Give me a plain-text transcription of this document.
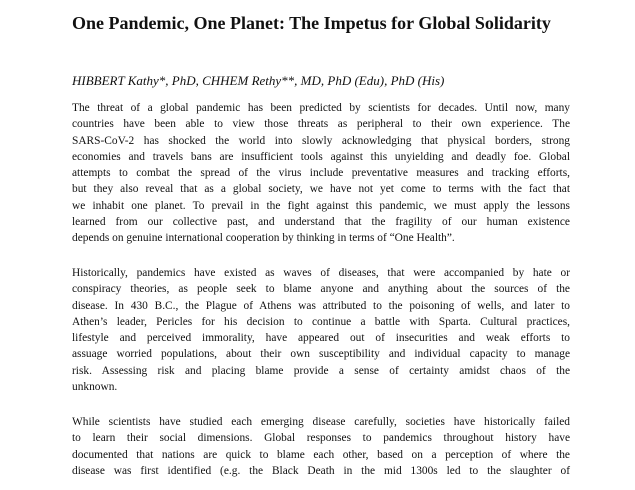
One Pandemic, One Planet: The Impetus for Global Solidarity

HIBBERT Kathy*, PhD, CHHEM Rethy**, MD, PhD (Edu), PhD (His)

The threat of a global pandemic has been predicted by scientists for decades. Until now, many
countries have been able to view those threats as peripheral to their own experience. The
SARS-CoV-2 has shocked the world into slowly acknowledging that physical borders, strong
economies and travels bans are insufficient tools against this unyielding and deadly foe. Global
attempts to combat the spread of the virus include preventative measures and tracking efforts,
but they also reveal that as a global society, we have not yet come to terms with the fact that
we inhabit one planet. To prevail in the fight against this pandemic, we must apply the lessons
learned from our collective past, and understand that the fragility of our human existence
depends on genuine international cooperation by thinking in terms of “One Health”.
Historically, pandemics have existed as waves of diseases, that were accompanied by hate or
conspiracy theories, as people seek to blame anyone and anything about the sources of the
disease. In 430 B.C., the Plague of Athens was attributed to the poisoning of wells, and later to
Athen’s leader, Pericles for his decision to continue a battle with Sparta. Cultural practices,
lifestyle and perceived immorality, have appeared out of insecurities and weak efforts to
assuage worried populations, about their own susceptibility and individual capacity to manage
risk. Assessing risk and placing blame provide a sense of certainty amidst chaos of the
unknown.
While scientists have studied each emerging disease carefully, societies have historically failed
to learn their social dimensions. Global responses to pandemics throughout history have
documented that nations are quick to blame each other, based on a perception of where the
disease was first identified (e.g. the Black Death in the mid 1300s led to the slaughter of
